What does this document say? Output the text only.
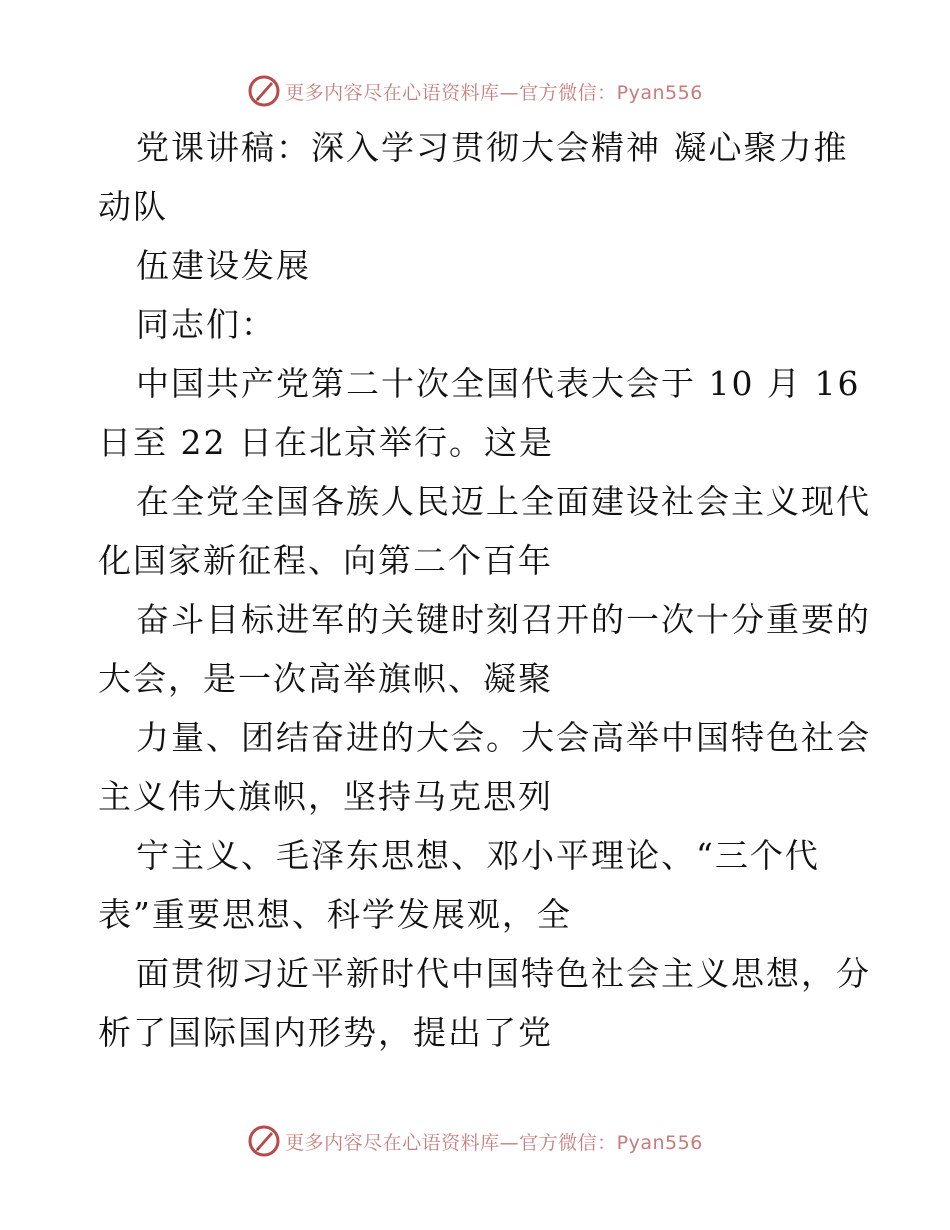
更多内容尽在心语资料库—官方微信：Pyan556
党课讲稿：深入学习贯彻大会精神 凝心聚力推
动队
伍建设发展
同志们：
中国共产党第二十次全国代表大会于 10 月 16
日至 22 日在北京举行。这是
在全党全国各族人民迈上全面建设社会主义现代
化国家新征程、向第二个百年
奋斗目标进军的关键时刻召开的一次十分重要的
大会，是一次高举旗帜、凝聚
力量、团结奋进的大会。大会高举中国特色社会
主义伟大旗帜，坚持马克思列
宁主义、毛泽东思想、邓小平理论、“三个代
表”重要思想、科学发展观，全
面贯彻习近平新时代中国特色社会主义思想，分
析了国际国内形势，提出了党
更多内容尽在心语资料库—官方微信：Pyan556
